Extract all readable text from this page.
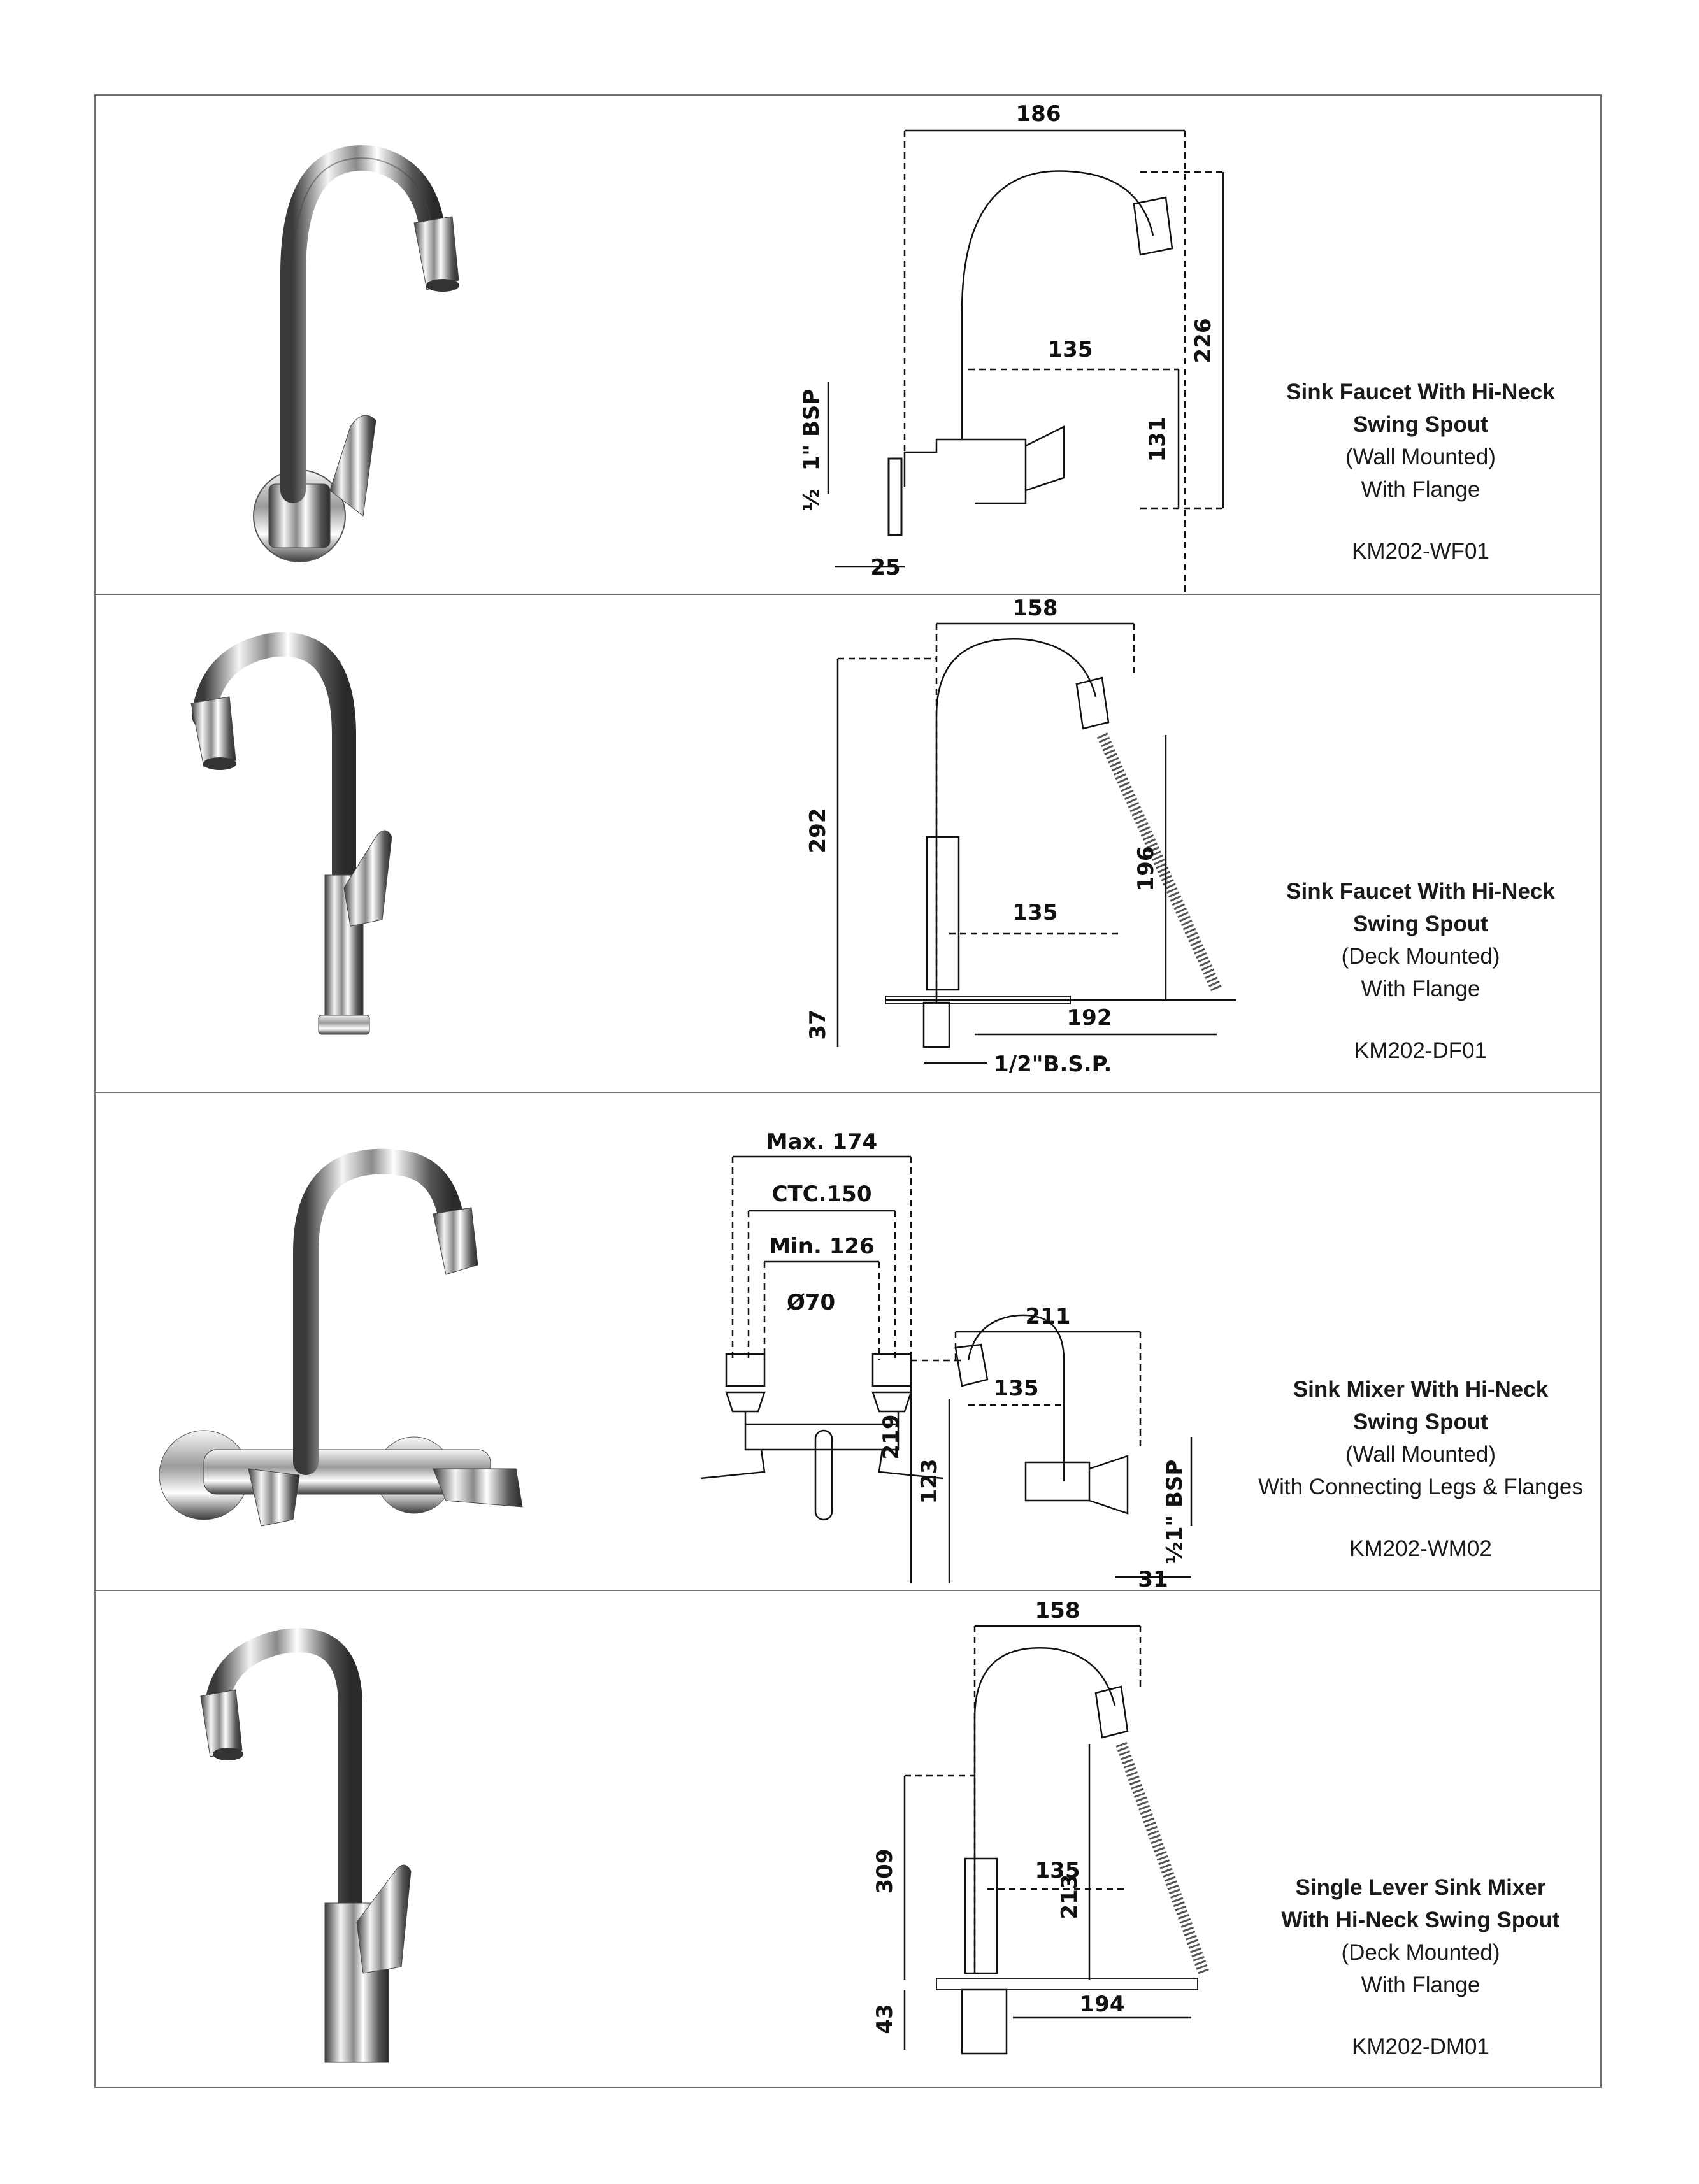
186
135	226
131
25
1" BSP
½
Sink Faucet With Hi-Neck
Swing Spout
(Wall Mounted)
With Flange
KM202-WF01
158
135
292
196
37	192
1/2"B.S.P.
Sink Faucet With Hi-Neck
Swing Spout
(Deck Mounted)
With Flange
KM202-DF01
Max. 174
CTC.150
Min. 126
Ø70
211
135
219
123
31
1" BSP
½
Sink Mixer With Hi-Neck
Swing Spout
(Wall Mounted)
With Connecting Legs & Flanges
KM202-WM02
158
135
309
213
43	194
Single Lever Sink Mixer
With Hi-Neck Swing Spout
(Deck Mounted)
With Flange
KM202-DM01
